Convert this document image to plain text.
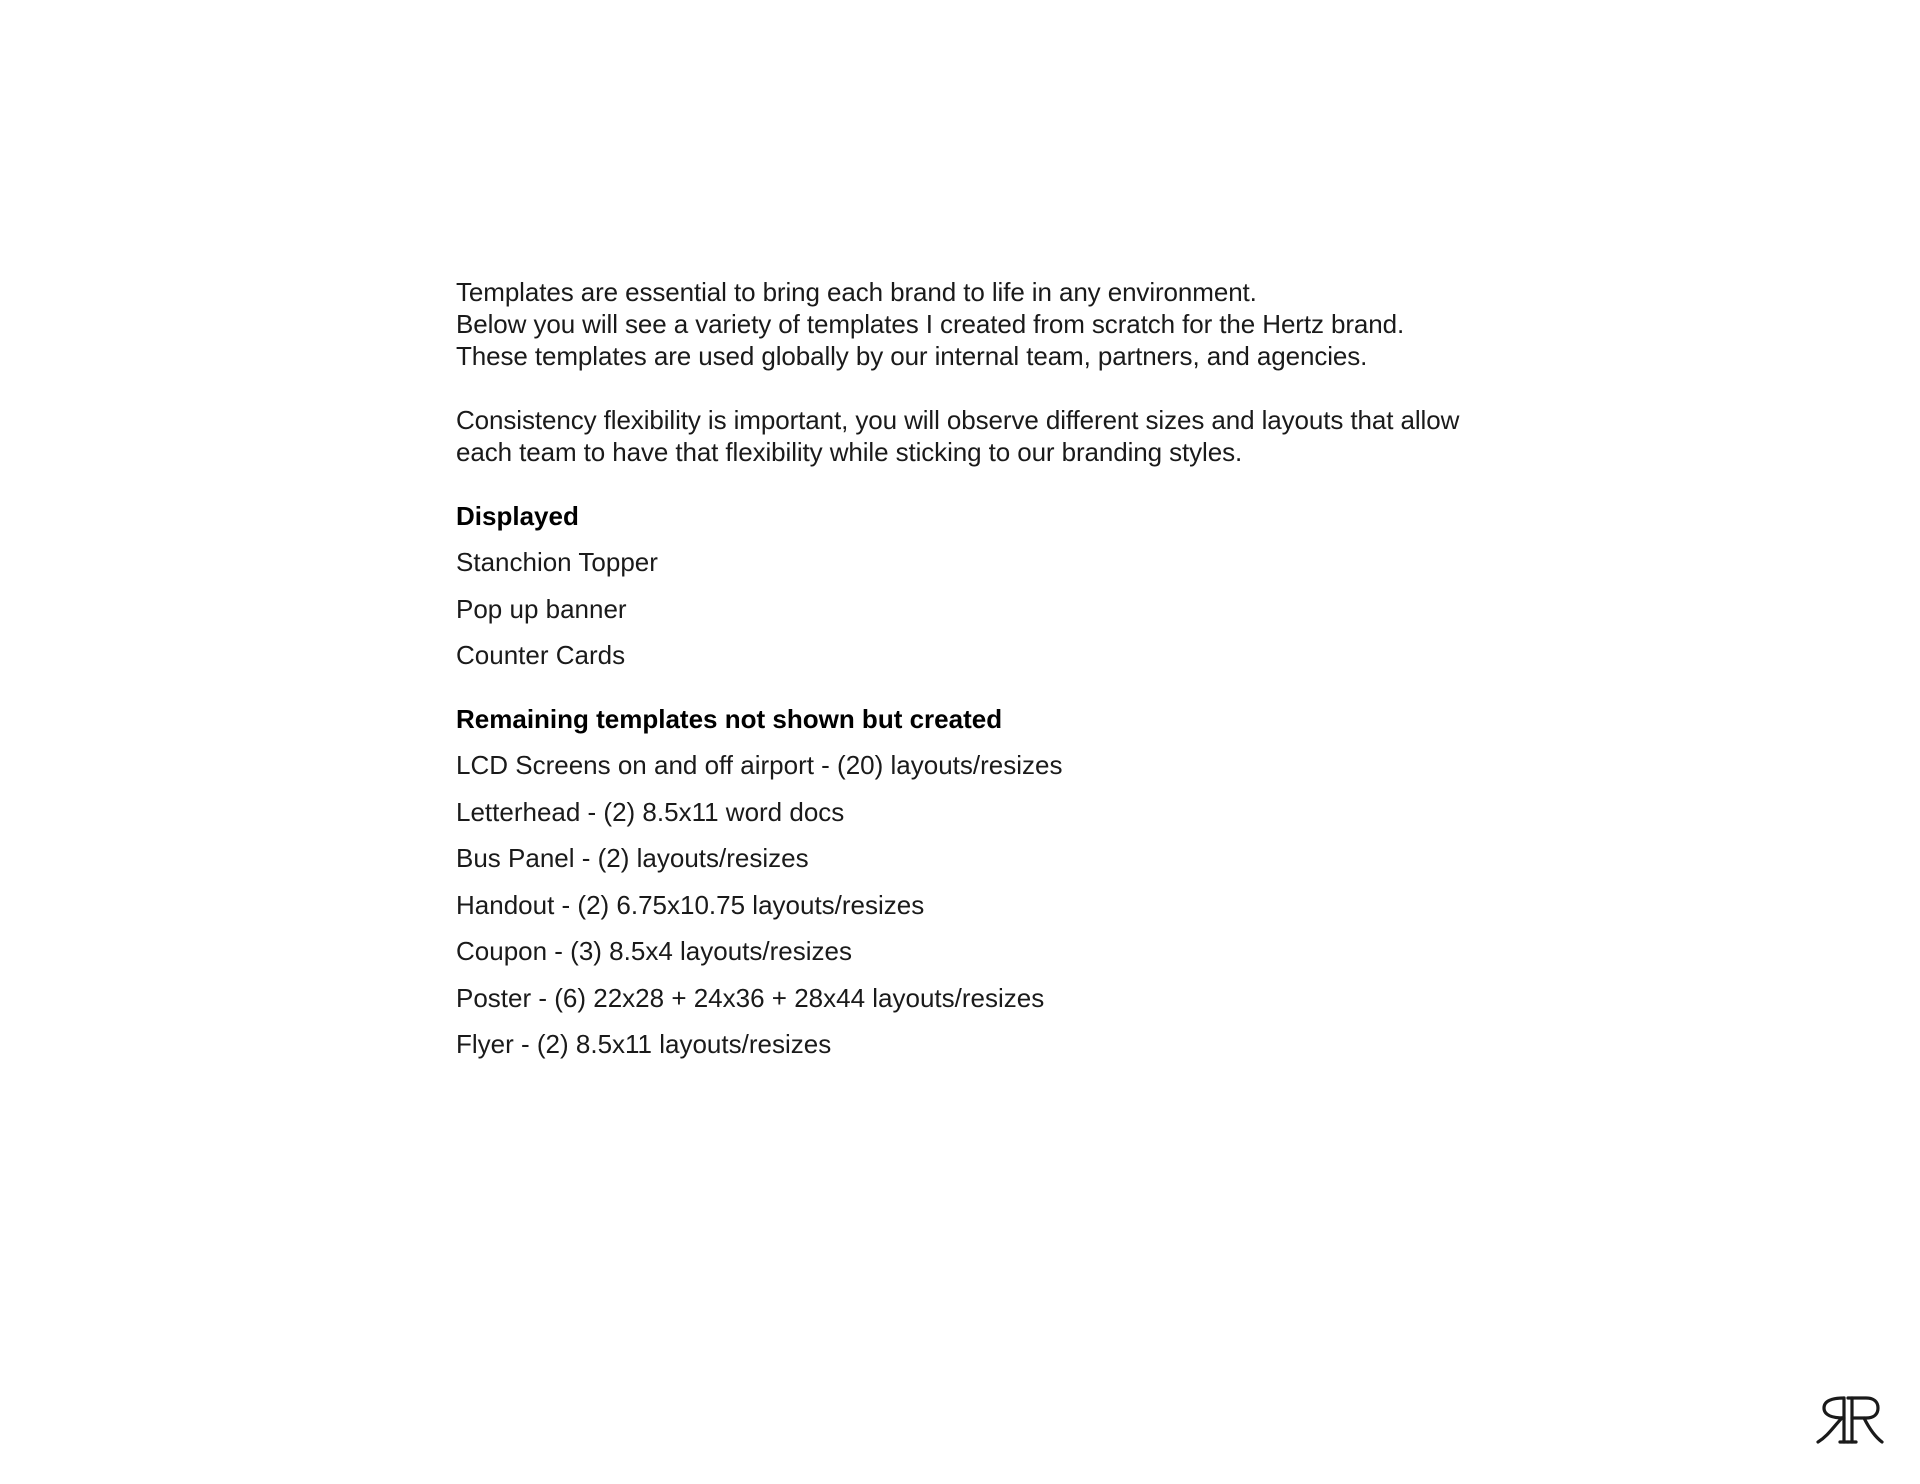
Templates are essential to bring each brand to life in any environment.

Below you will see a variety of templates I created from scratch for the Hertz brand.

These templates are used globally by our internal team, partners, and agencies.

Consistency flexibility is important, you will observe different sizes and layouts that allow

each team to have that flexibility while sticking to our branding styles.

Displayed
Stanchion Topper
Pop up banner
Counter Cards
Remaining templates not shown but created
LCD Screens on and off airport - (20) layouts/resizes
Letterhead - (2) 8.5x11 word docs
Bus Panel - (2) layouts/resizes
Handout - (2) 6.75x10.75 layouts/resizes
Coupon - (3) 8.5x4 layouts/resizes
Poster - (6) 22x28 + 24x36 + 28x44 layouts/resizes
Flyer - (2) 8.5x11 layouts/resizes
